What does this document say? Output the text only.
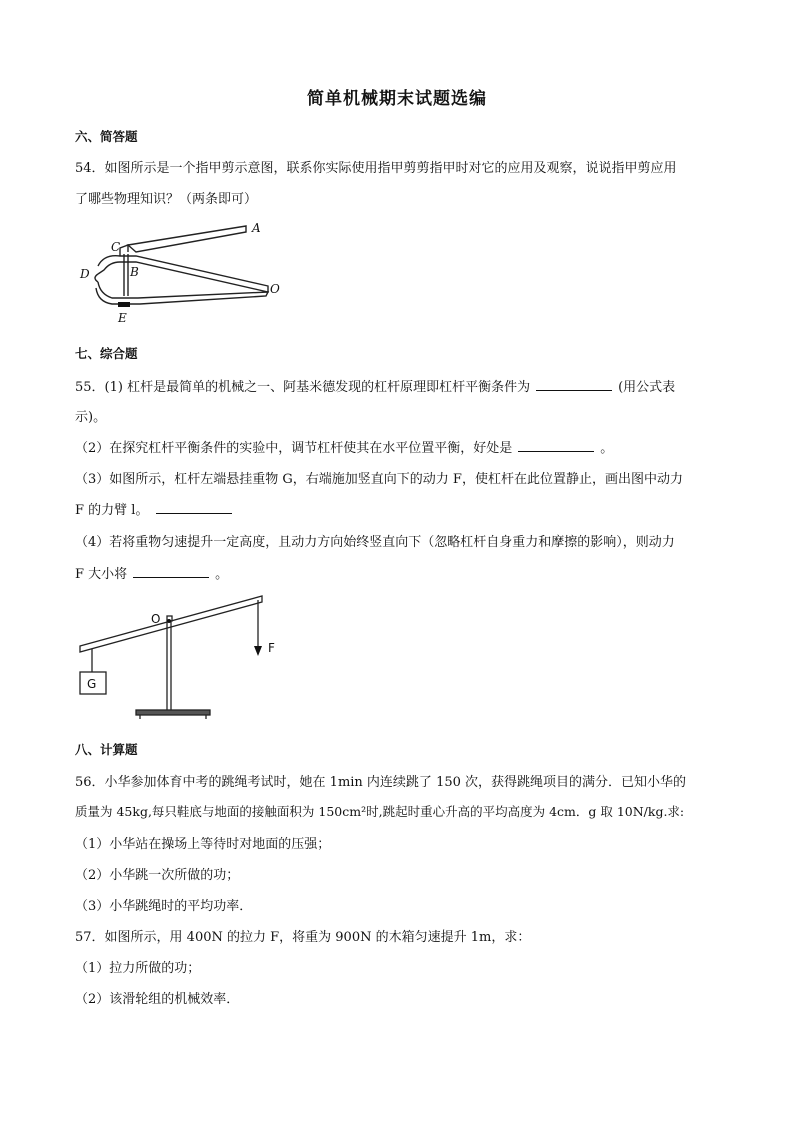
简单机械期末试题选编
六、简答题
54．如图所示是一个指甲剪示意图，联系你实际使用指甲剪剪指甲时对它的应用及观察，说说指甲剪应用
了哪些物理知识？（两条即可）
C
B
D
A
O
E
七、综合题
55．(1) 杠杆是最简单的机械之一、阿基米德发现的杠杆原理即杠杆平衡条件为	(用公式表
示)。
（2）在探究杠杆平衡条件的实验中，调节杠杆使其在水平位置平衡，好处是	。
（3）如图所示，杠杆左端悬挂重物 G，右端施加竖直向下的动力 F，使杠杆在此位置静止，画出图中动力
F 的力臂 l。
（4）若将重物匀速提升一定高度，且动力方向始终竖直向下（忽略杠杆自身重力和摩擦的影响），则动力
F 大小将	。
O
F
G
八、计算题
56．小华参加体育中考的跳绳考试时，她在 1min 内连续跳了 150 次，获得跳绳项目的满分．已知小华的
质量为 45kg,每只鞋底与地面的接触面积为 150cm²时,跳起时重心升高的平均高度为 4cm．g 取 10N/kg.求:
（1）小华站在操场上等待时对地面的压强；
（2）小华跳一次所做的功；
（3）小华跳绳时的平均功率．
57．如图所示，用 400N 的拉力 F，将重为 900N 的木箱匀速提升 1m，求：
（1）拉力所做的功；
（2）该滑轮组的机械效率．
